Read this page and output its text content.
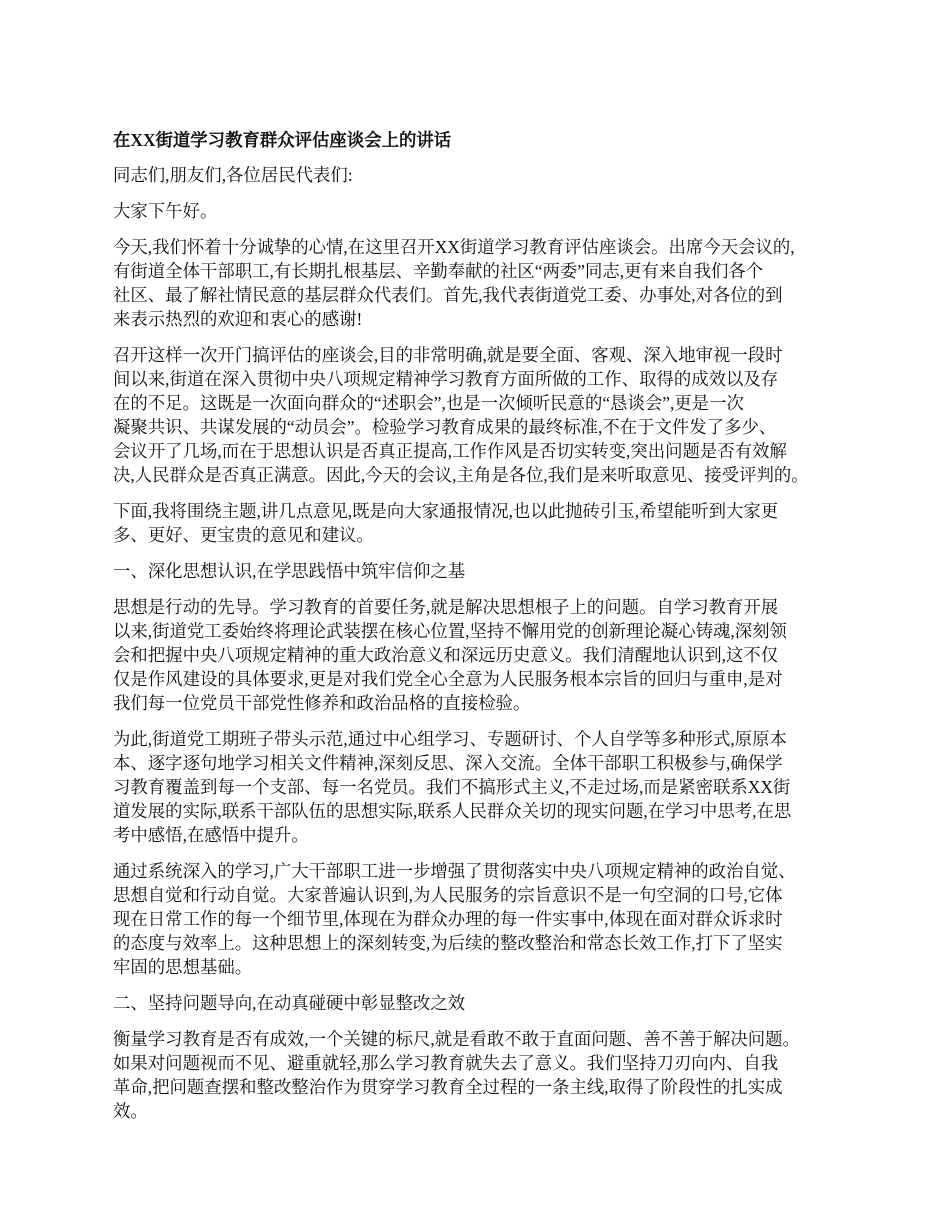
在XX街道学习教育群众评估座谈会上的讲话

同志们,朋友们,各位居民代表们:

大家下午好。

今天,我们怀着十分诚挚的心情,在这里召开XX街道学习教育评估座谈会。出席今天会议的,
有街道全体干部职工,有长期扎根基层、辛勤奉献的社区“两委”同志,更有来自我们各个
社区、最了解社情民意的基层群众代表们。首先,我代表街道党工委、办事处,对各位的到
来表示热烈的欢迎和衷心的感谢!

召开这样一次开门搞评估的座谈会,目的非常明确,就是要全面、客观、深入地审视一段时
间以来,街道在深入贯彻中央八项规定精神学习教育方面所做的工作、取得的成效以及存
在的不足。这既是一次面向群众的“述职会”,也是一次倾听民意的“恳谈会”,更是一次
凝聚共识、共谋发展的“动员会”。检验学习教育成果的最终标准,不在于文件发了多少、
会议开了几场,而在于思想认识是否真正提高,工作作风是否切实转变,突出问题是否有效解
决,人民群众是否真正满意。因此,今天的会议,主角是各位,我们是来听取意见、接受评判的。

下面,我将围绕主题,讲几点意见,既是向大家通报情况,也以此抛砖引玉,希望能听到大家更
多、更好、更宝贵的意见和建议。

一、深化思想认识,在学思践悟中筑牢信仰之基

思想是行动的先导。学习教育的首要任务,就是解决思想根子上的问题。自学习教育开展
以来,街道党工委始终将理论武装摆在核心位置,坚持不懈用党的创新理论凝心铸魂,深刻领
会和把握中央八项规定精神的重大政治意义和深远历史意义。我们清醒地认识到,这不仅
仅是作风建设的具体要求,更是对我们党全心全意为人民服务根本宗旨的回归与重申,是对
我们每一位党员干部党性修养和政治品格的直接检验。

为此,街道党工期班子带头示范,通过中心组学习、专题研讨、个人自学等多种形式,原原本
本、逐字逐句地学习相关文件精神,深刻反思、深入交流。全体干部职工积极参与,确保学
习教育覆盖到每一个支部、每一名党员。我们不搞形式主义,不走过场,而是紧密联系XX街
道发展的实际,联系干部队伍的思想实际,联系人民群众关切的现实问题,在学习中思考,在思
考中感悟,在感悟中提升。

通过系统深入的学习,广大干部职工进一步增强了贯彻落实中央八项规定精神的政治自觉、
思想自觉和行动自觉。大家普遍认识到,为人民服务的宗旨意识不是一句空洞的口号,它体
现在日常工作的每一个细节里,体现在为群众办理的每一件实事中,体现在面对群众诉求时
的态度与效率上。这种思想上的深刻转变,为后续的整改整治和常态长效工作,打下了坚实
牢固的思想基础。

二、坚持问题导向,在动真碰硬中彰显整改之效

衡量学习教育是否有成效,一个关键的标尺,就是看敢不敢于直面问题、善不善于解决问题。
如果对问题视而不见、避重就轻,那么学习教育就失去了意义。我们坚持刀刃向内、自我
革命,把问题查摆和整改整治作为贯穿学习教育全过程的一条主线,取得了阶段性的扎实成
效。
